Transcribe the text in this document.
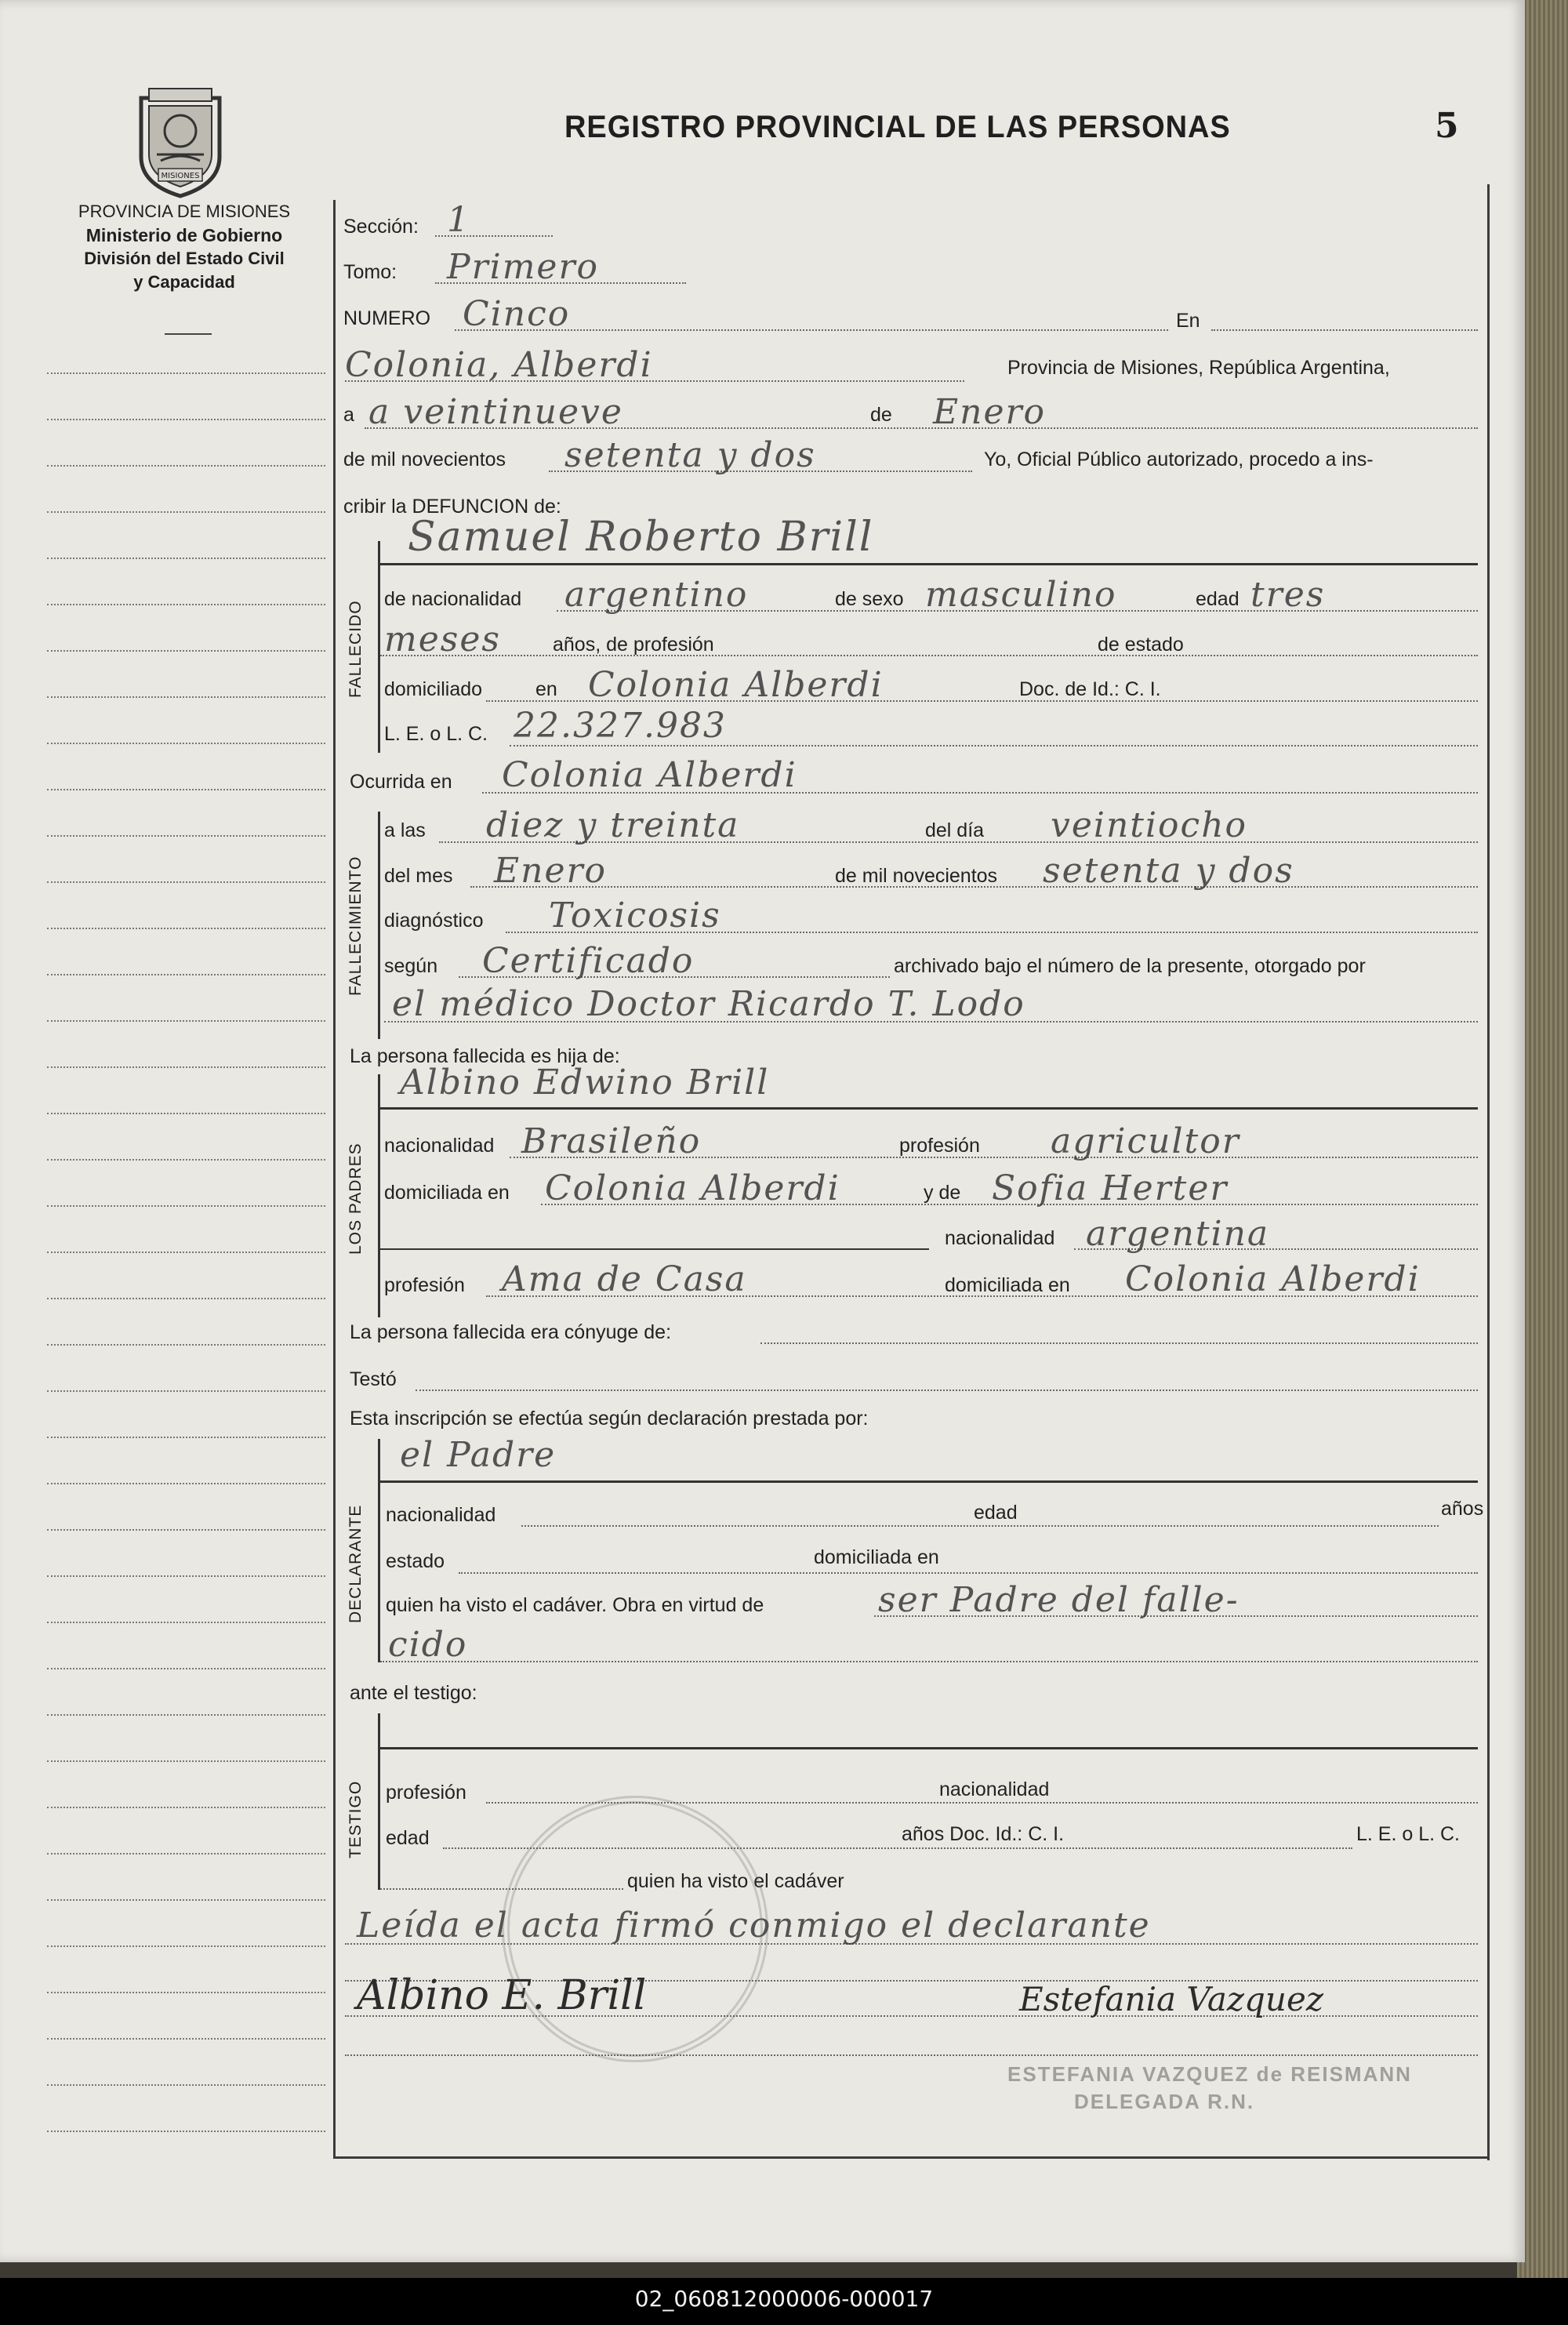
MISIONES
REGISTRO PROVINCIAL DE LAS PERSONAS	5
PROVINCIA DE MISIONES
Ministerio de Gobierno
División del Estado Civil
y Capacidad
Sección: 1
Tomo: Primero
NUMERO Cinco	En
Colonia, Alberdi	Provincia de Misiones, República Argentina,
a a veintinueve	de Enero
de mil novecientos setenta y dos	Yo, Oficial Público autorizado, procedo a ins-
cribir la DEFUNCION de:
FALLECIDO
Samuel Roberto Brill
de nacionalidad argentino	de sexo masculino	edad tres
meses	años, de profesión	de estado
domiciliado	en Colonia Alberdi	Doc. de Id.: C. I.
L. E. o L. C. 22.327.983
Ocurrida en Colonia Alberdi
FALLECIMIENTO
a las diez y treinta	del día veintiocho
del mes Enero	de mil novecientos setenta y dos
diagnóstico Toxicosis
según Certificado	archivado bajo el número de la presente, otorgado por
el médico Doctor Ricardo T. Lodo
La persona fallecida es hija de:
LOS PADRES
Albino Edwino Brill
nacionalidad Brasileño	profesión agricultor
domiciliada en Colonia Alberdi	y de Sofia Herter
nacionalidad argentina
profesión Ama de Casa	domiciliada en Colonia Alberdi
La persona fallecida era cónyuge de:
Testó
Esta inscripción se efectúa según declaración prestada por:
DECLARANTE
el Padre
nacionalidad	edad	años
estado	domiciliada en
quien ha visto el cadáver. Obra en virtud de	ser Padre del falle-
cido
ante el testigo:
TESTIGO profesión	nacionalidad
edad	años Doc. Id.: C. I.	L. E. o L. C.
quien ha visto el cadáver
Leída el acta firmó conmigo el declarante
Albino E. Brill	Estefania Vazquez
ESTEFANIA VAZQUEZ de REISMANN
DELEGADA R.N.
02_060812000006-000017
